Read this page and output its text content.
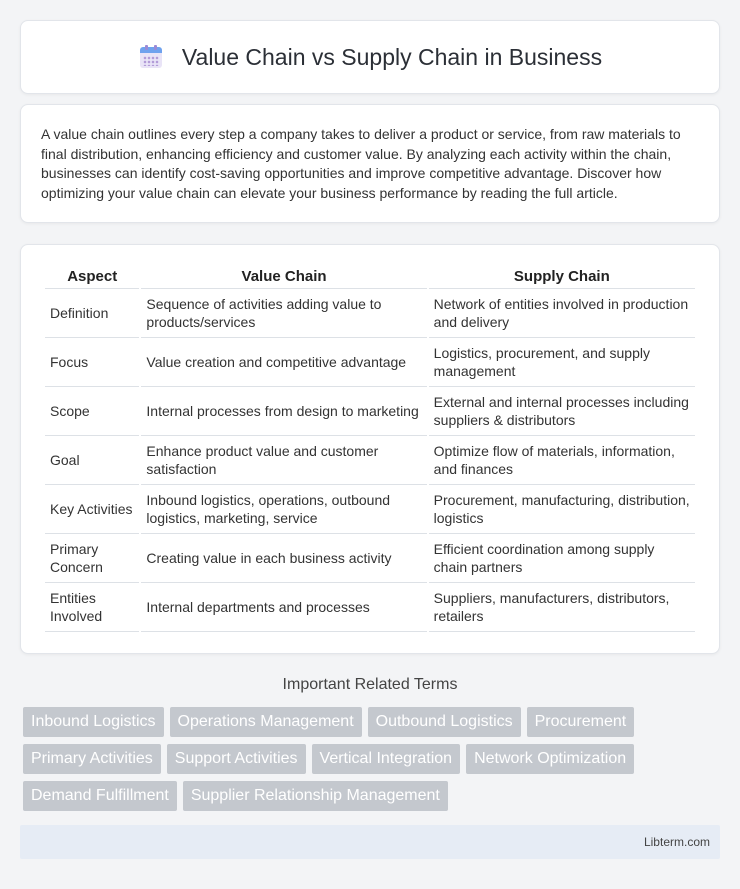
Value Chain vs Supply Chain in Business

A value chain outlines every step a company takes to deliver a product or service, from raw materials to final distribution, enhancing efficiency and customer value. By analyzing each activity within the chain, businesses can identify cost-saving opportunities and improve competitive advantage. Discover how optimizing your value chain can elevate your business performance by reading the full article.

Aspect	Value Chain	Supply Chain
Definition	Sequence of activities adding value to products/services	Network of entities involved in production and delivery
Focus	Value creation and competitive advantage	Logistics, procurement, and supply management
Scope	Internal processes from design to marketing	External and internal processes including suppliers & distributors
Goal	Enhance product value and customer satisfaction	Optimize flow of materials, information, and finances
Key Activities	Inbound logistics, operations, outbound logistics, marketing, service	Procurement, manufacturing, distribution, logistics
Primary Concern	Creating value in each business activity	Efficient coordination among supply chain partners
Entities Involved	Internal departments and processes	Suppliers, manufacturers, distributors, retailers
Important Related Terms
Inbound Logistics	Operations Management	Outbound Logistics	Procurement
Primary Activities	Support Activities	Vertical Integration	Network Optimization
Demand Fulfillment	Supplier Relationship Management
Libterm.com
